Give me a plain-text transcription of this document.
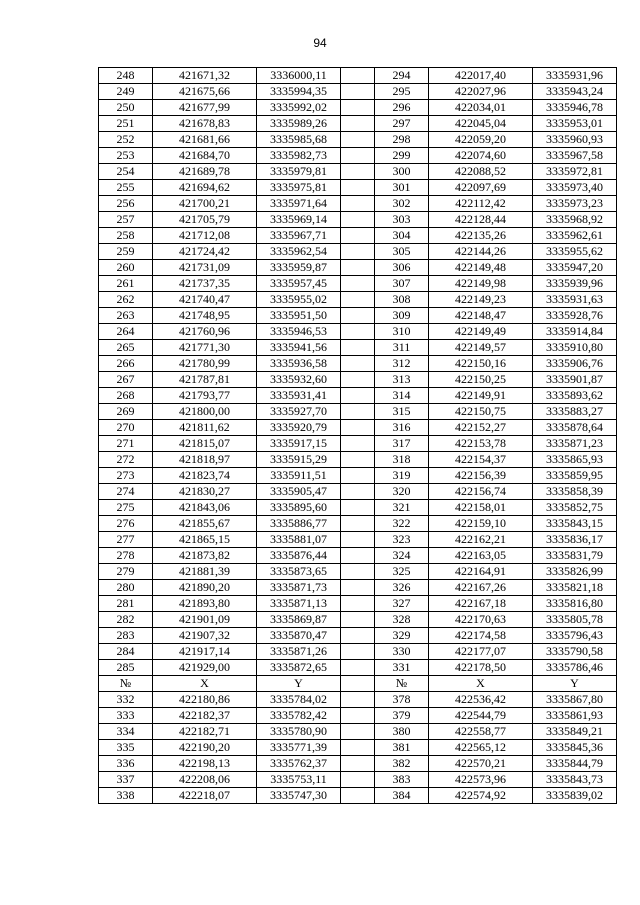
94
248	421671,32	3336000,11		294	422017,40	3335931,96
249	421675,66	3335994,35		295	422027,96	3335943,24
250	421677,99	3335992,02		296	422034,01	3335946,78
251	421678,83	3335989,26		297	422045,04	3335953,01
252	421681,66	3335985,68		298	422059,20	3335960,93
253	421684,70	3335982,73		299	422074,60	3335967,58
254	421689,78	3335979,81		300	422088,52	3335972,81
255	421694,62	3335975,81		301	422097,69	3335973,40
256	421700,21	3335971,64		302	422112,42	3335973,23
257	421705,79	3335969,14		303	422128,44	3335968,92
258	421712,08	3335967,71		304	422135,26	3335962,61
259	421724,42	3335962,54		305	422144,26	3335955,62
260	421731,09	3335959,87		306	422149,48	3335947,20
261	421737,35	3335957,45		307	422149,98	3335939,96
262	421740,47	3335955,02		308	422149,23	3335931,63
263	421748,95	3335951,50		309	422148,47	3335928,76
264	421760,96	3335946,53		310	422149,49	3335914,84
265	421771,30	3335941,56		311	422149,57	3335910,80
266	421780,99	3335936,58		312	422150,16	3335906,76
267	421787,81	3335932,60		313	422150,25	3335901,87
268	421793,77	3335931,41		314	422149,91	3335893,62
269	421800,00	3335927,70		315	422150,75	3335883,27
270	421811,62	3335920,79		316	422152,27	3335878,64
271	421815,07	3335917,15		317	422153,78	3335871,23
272	421818,97	3335915,29		318	422154,37	3335865,93
273	421823,74	3335911,51		319	422156,39	3335859,95
274	421830,27	3335905,47		320	422156,74	3335858,39
275	421843,06	3335895,60		321	422158,01	3335852,75
276	421855,67	3335886,77		322	422159,10	3335843,15
277	421865,15	3335881,07		323	422162,21	3335836,17
278	421873,82	3335876,44		324	422163,05	3335831,79
279	421881,39	3335873,65		325	422164,91	3335826,99
280	421890,20	3335871,73		326	422167,26	3335821,18
281	421893,80	3335871,13		327	422167,18	3335816,80
282	421901,09	3335869,87		328	422170,63	3335805,78
283	421907,32	3335870,47		329	422174,58	3335796,43
284	421917,14	3335871,26		330	422177,07	3335790,58
285	421929,00	3335872,65		331	422178,50	3335786,46
№	X	Y		№	X	Y
332	422180,86	3335784,02		378	422536,42	3335867,80
333	422182,37	3335782,42		379	422544,79	3335861,93
334	422182,71	3335780,90		380	422558,77	3335849,21
335	422190,20	3335771,39		381	422565,12	3335845,36
336	422198,13	3335762,37		382	422570,21	3335844,79
337	422208,06	3335753,11		383	422573,96	3335843,73
338	422218,07	3335747,30		384	422574,92	3335839,02
